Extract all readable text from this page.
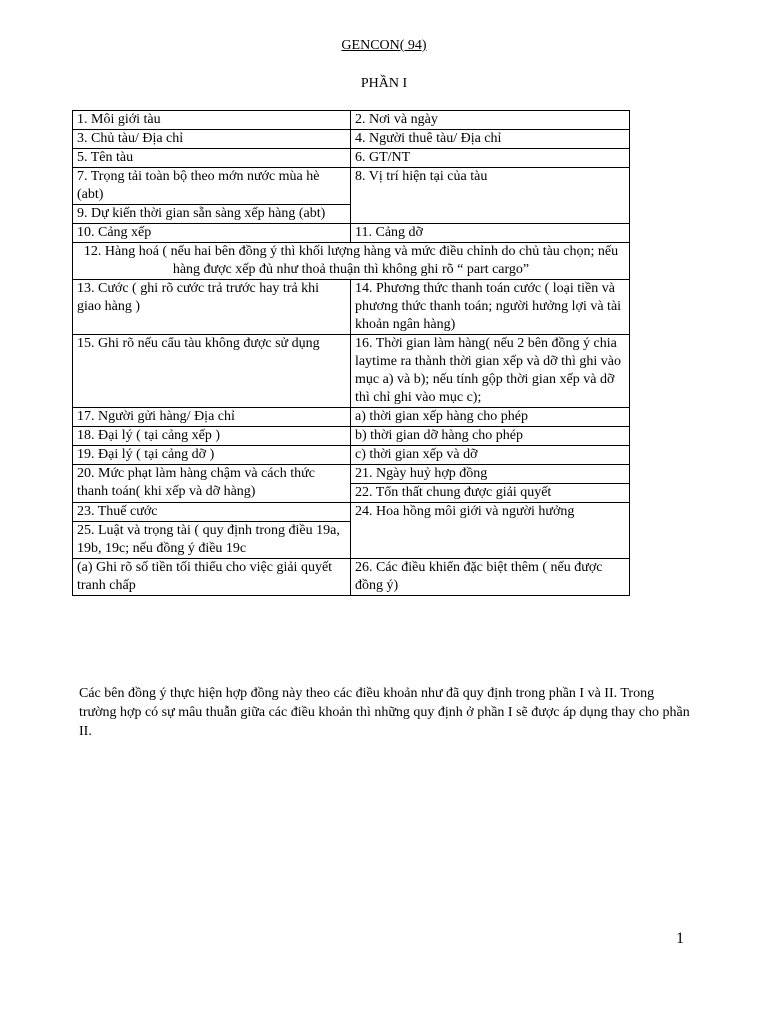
GENCON( 94)
PHẦN I
1. Môi giới tàu	2. Nơi và ngày
3. Chủ tàu/ Địa chỉ	4. Người thuê tàu/ Địa chỉ
5. Tên tàu	6. GT/NT
7. Trọng tải toàn bộ theo mớn nước mùa hè (abt)	8. Vị trí hiện tại của tàu
9. Dự kiến thời gian sẵn sàng xếp hàng (abt)	
10. Cảng xếp	11. Cảng dỡ
12. Hàng hoá ( nếu hai bên đồng ý thì khối lượng hàng và mức điều chỉnh do chủ tàu chọn; nếu hàng được xếp đủ như thoả thuận thì không ghi rõ “ part cargo”	
13. Cước ( ghi rõ cước trả trước hay trả khi giao hàng )	14. Phương thức thanh toán cước ( loại tiền và phương thức thanh toán; người hưởng lợi và tài khoản ngân hàng)
15. Ghi rõ nếu cẩu tàu không được sử dụng	16. Thời gian làm hàng( nếu 2 bên đồng ý chia laytime ra thành thời gian xếp và dỡ thì ghi vào mục a) và b); nếu tính gộp thời gian xếp và dỡ thì chỉ ghi vào mục c);
17. Người gửi hàng/ Địa chỉ	a) thời gian xếp hàng cho phép
18. Đại lý ( tại cảng xếp )	b) thời gian dỡ hàng cho phép
19. Đại lý ( tại cảng dỡ )	c) thời gian xếp và dỡ
20. Mức phạt làm hàng chậm và cách thức thanh toán( khi xếp và dỡ hàng)	21. Ngày huỷ hợp đồng
	22. Tổn thất chung được giải quyết
23. Thuế cước	24. Hoa hồng môi giới và người hưởng
25. Luật và trọng tài ( quy định trong điều 19a, 19b, 19c; nếu đồng ý điều 19c	
(a) Ghi rõ số tiền tối thiểu cho việc giải quyết tranh chấp	26. Các điều khiển đặc biệt thêm ( nếu được đồng ý)

Các bên đồng ý thực hiện hợp đồng này theo các điều khoản như đã quy định trong phần I và II. Trong trường hợp có sự mâu thuẫn giữa các điều khoản thì những quy định ở phần I sẽ được áp dụng thay cho phần II.

1
